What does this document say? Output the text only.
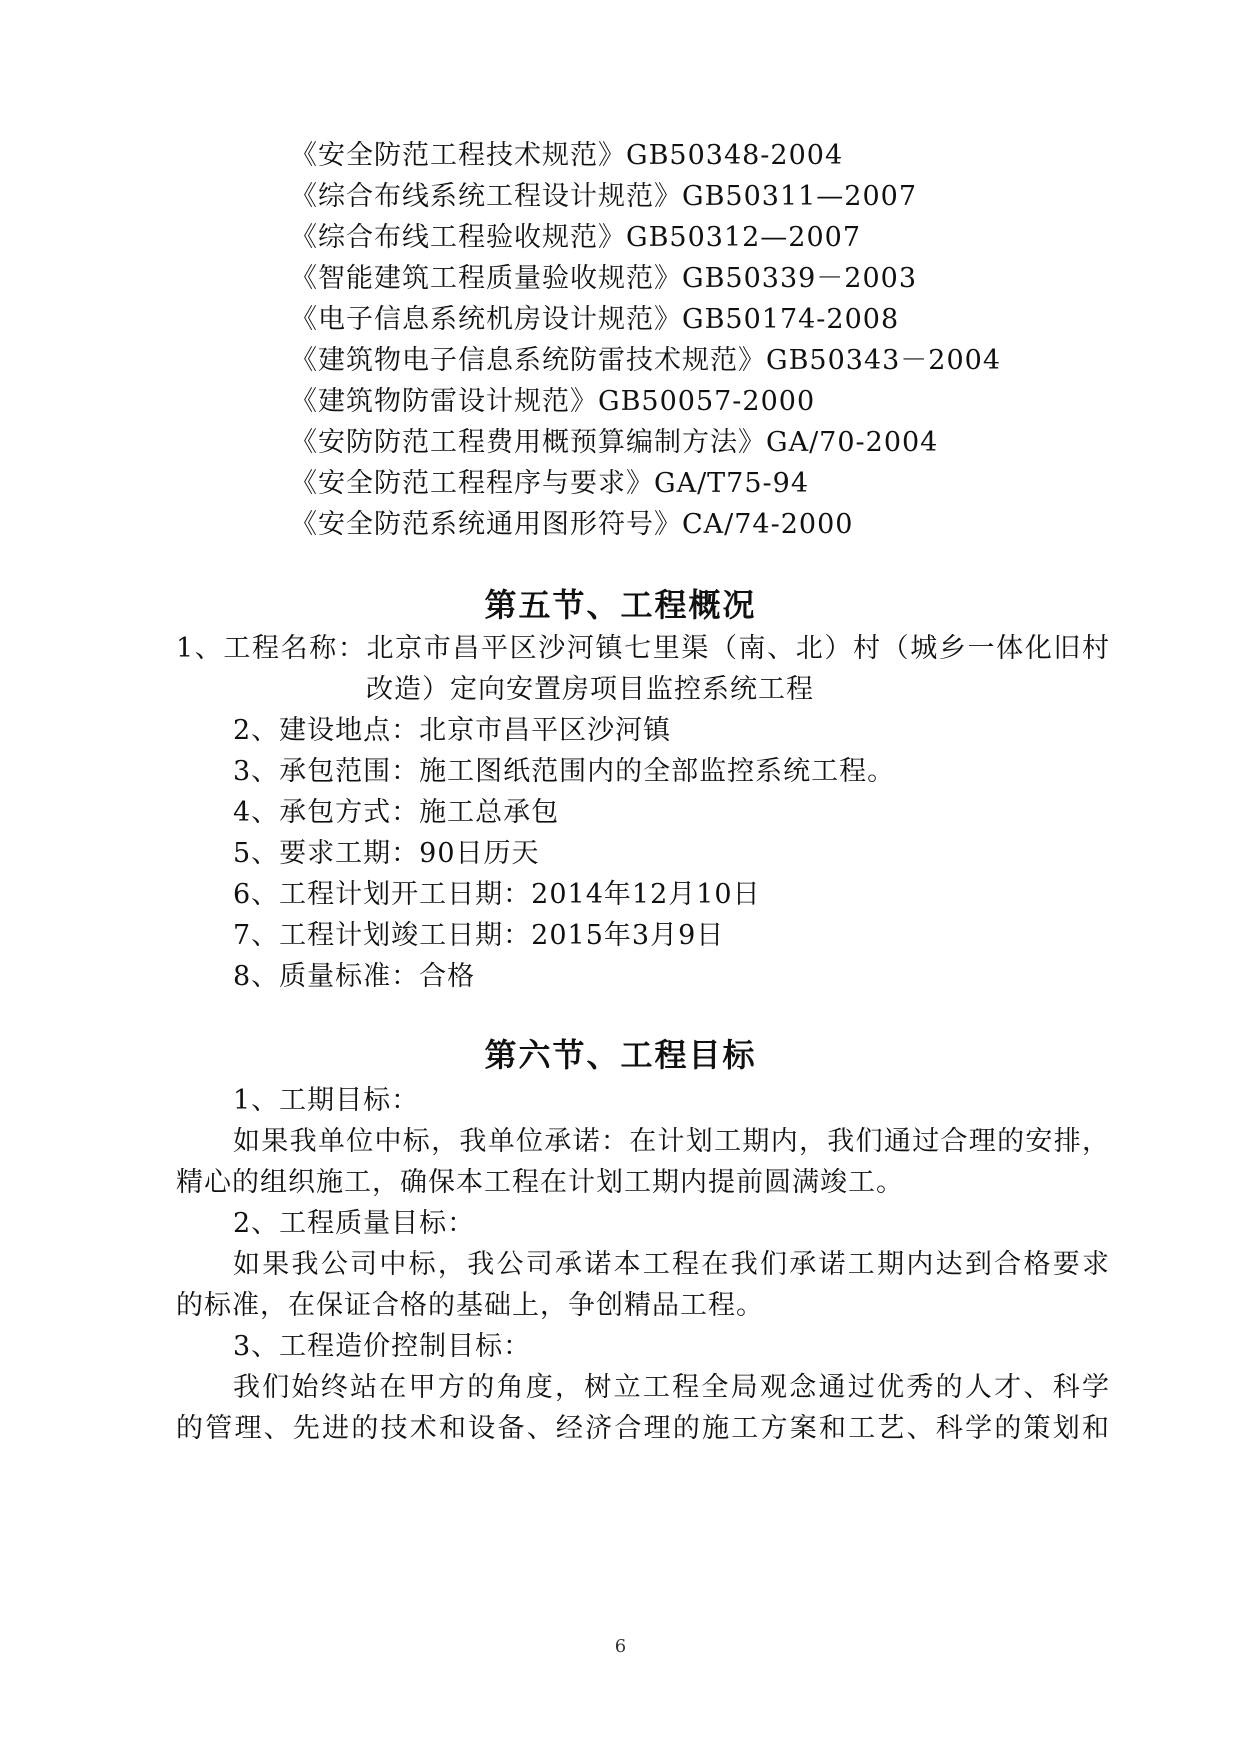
《安全防范工程技术规范》GB50348-2004
《综合布线系统工程设计规范》GB50311—2007
《综合布线工程验收规范》GB50312—2007
《智能建筑工程质量验收规范》GB50339－2003
《电子信息系统机房设计规范》GB50174-2008
《建筑物电子信息系统防雷技术规范》GB50343－2004
《建筑物防雷设计规范》GB50057-2000
《安防防范工程费用概预算编制方法》GA/70-2004
《安全防范工程程序与要求》GA/T75-94
《安全防范系统通用图形符号》CA/74-2000
第五节、工程概况
1、工程名称：北京市昌平区沙河镇七里渠（南、北）村（城乡一体化旧村
改造）定向安置房项目监控系统工程
2、建设地点：北京市昌平区沙河镇
3、承包范围：施工图纸范围内的全部监控系统工程。
4、承包方式：施工总承包
5、要求工期：90日历天
6、工程计划开工日期：2014年12月10日
7、工程计划竣工日期：2015年3月9日
8、质量标准：合格
第六节、工程目标
1、工期目标：
如果我单位中标，我单位承诺：在计划工期内，我们通过合理的安排，
精心的组织施工，确保本工程在计划工期内提前圆满竣工。
2、工程质量目标：
如果我公司中标，我公司承诺本工程在我们承诺工期内达到合格要求
的标准，在保证合格的基础上，争创精品工程。
3、工程造价控制目标：
我们始终站在甲方的角度，树立工程全局观念通过优秀的人才、科学
的管理、先进的技术和设备、经济合理的施工方案和工艺、科学的策划和
6
